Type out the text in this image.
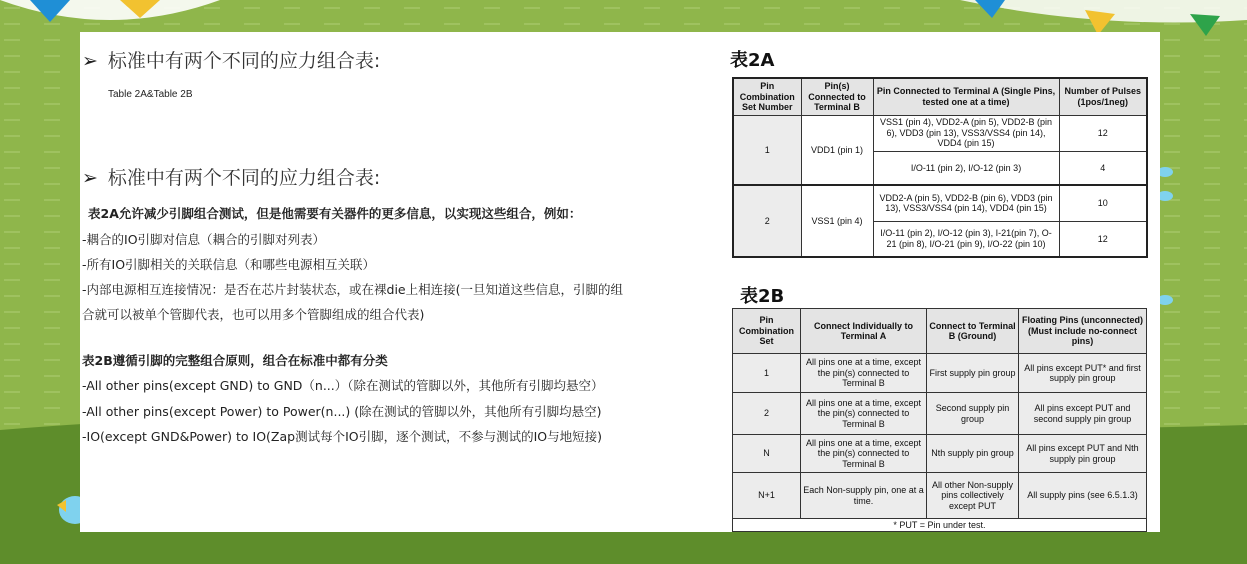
➢ 标准中有两个不同的应力组合表:
Table 2A&Table 2B
➢ 标准中有两个不同的应力组合表:
表2A允许减少引脚组合测试，但是他需要有关器件的更多信息，以实现这些组合，例如：
-耦合的IO引脚对信息（耦合的引脚对列表）
-所有IO引脚相关的关联信息（和哪些电源相互关联）
-内部电源相互连接情况：是否在芯片封装状态，或在裸die上相连接(一旦知道这些信息，引脚的组
合就可以被单个管脚代表，也可以用多个管脚组成的组合代表)
表2B遵循引脚的完整组合原则，组合在标准中都有分类
-All other pins(except GND) to GND（n...）（除在测试的管脚以外，其他所有引脚均悬空）
-All other pins(except Power) to Power(n...) (除在测试的管脚以外，其他所有引脚均悬空)
-IO(except GND&Power) to IO(Zap测试每个IO引脚，逐个测试，不参与测试的IO与地短接)
表2A
Pin Combination Set Number	Pin(s) Connected to Terminal B	Pin Connected to Terminal A (Single Pins, tested one at a time)	Number of Pulses (1pos/1neg)
1	VDD1 (pin 1)	VSS1 (pin 4), VDD2-A (pin 5), VDD2-B (pin 6), VDD3 (pin 13), VSS3/VSS4 (pin 14), VDD4 (pin 15)	12
		I/O-11 (pin 2), I/O-12 (pin 3)	4
2	VSS1 (pin 4)	VDD2-A (pin 5), VDD2-B (pin 6), VDD3 (pin 13), VSS3/VSS4 (pin 14), VDD4 (pin 15)	10
		I/O-11 (pin 2), I/O-12 (pin 3), I-21(pin 7), O-21 (pin 8), I/O-21 (pin 9), I/O-22 (pin 10)	12
表2B
Pin Combination Set	Connect Individually to Terminal A	Connect to Terminal B (Ground)	Floating Pins (unconnected) (Must include no-connect pins)
1	All pins one at a time, except the pin(s) connected to Terminal B	First supply pin group	All pins except PUT* and first supply pin group
2	All pins one at a time, except the pin(s) connected to Terminal B	Second supply pin group	All pins except PUT and second supply pin group
N	All pins one at a time, except the pin(s) connected to Terminal B	Nth supply pin group	All pins except PUT and Nth supply pin group
N+1	Each Non-supply pin, one at a time.	All other Non-supply pins collectively except PUT	All supply pins (see 6.5.1.3)
* PUT = Pin under test.			
